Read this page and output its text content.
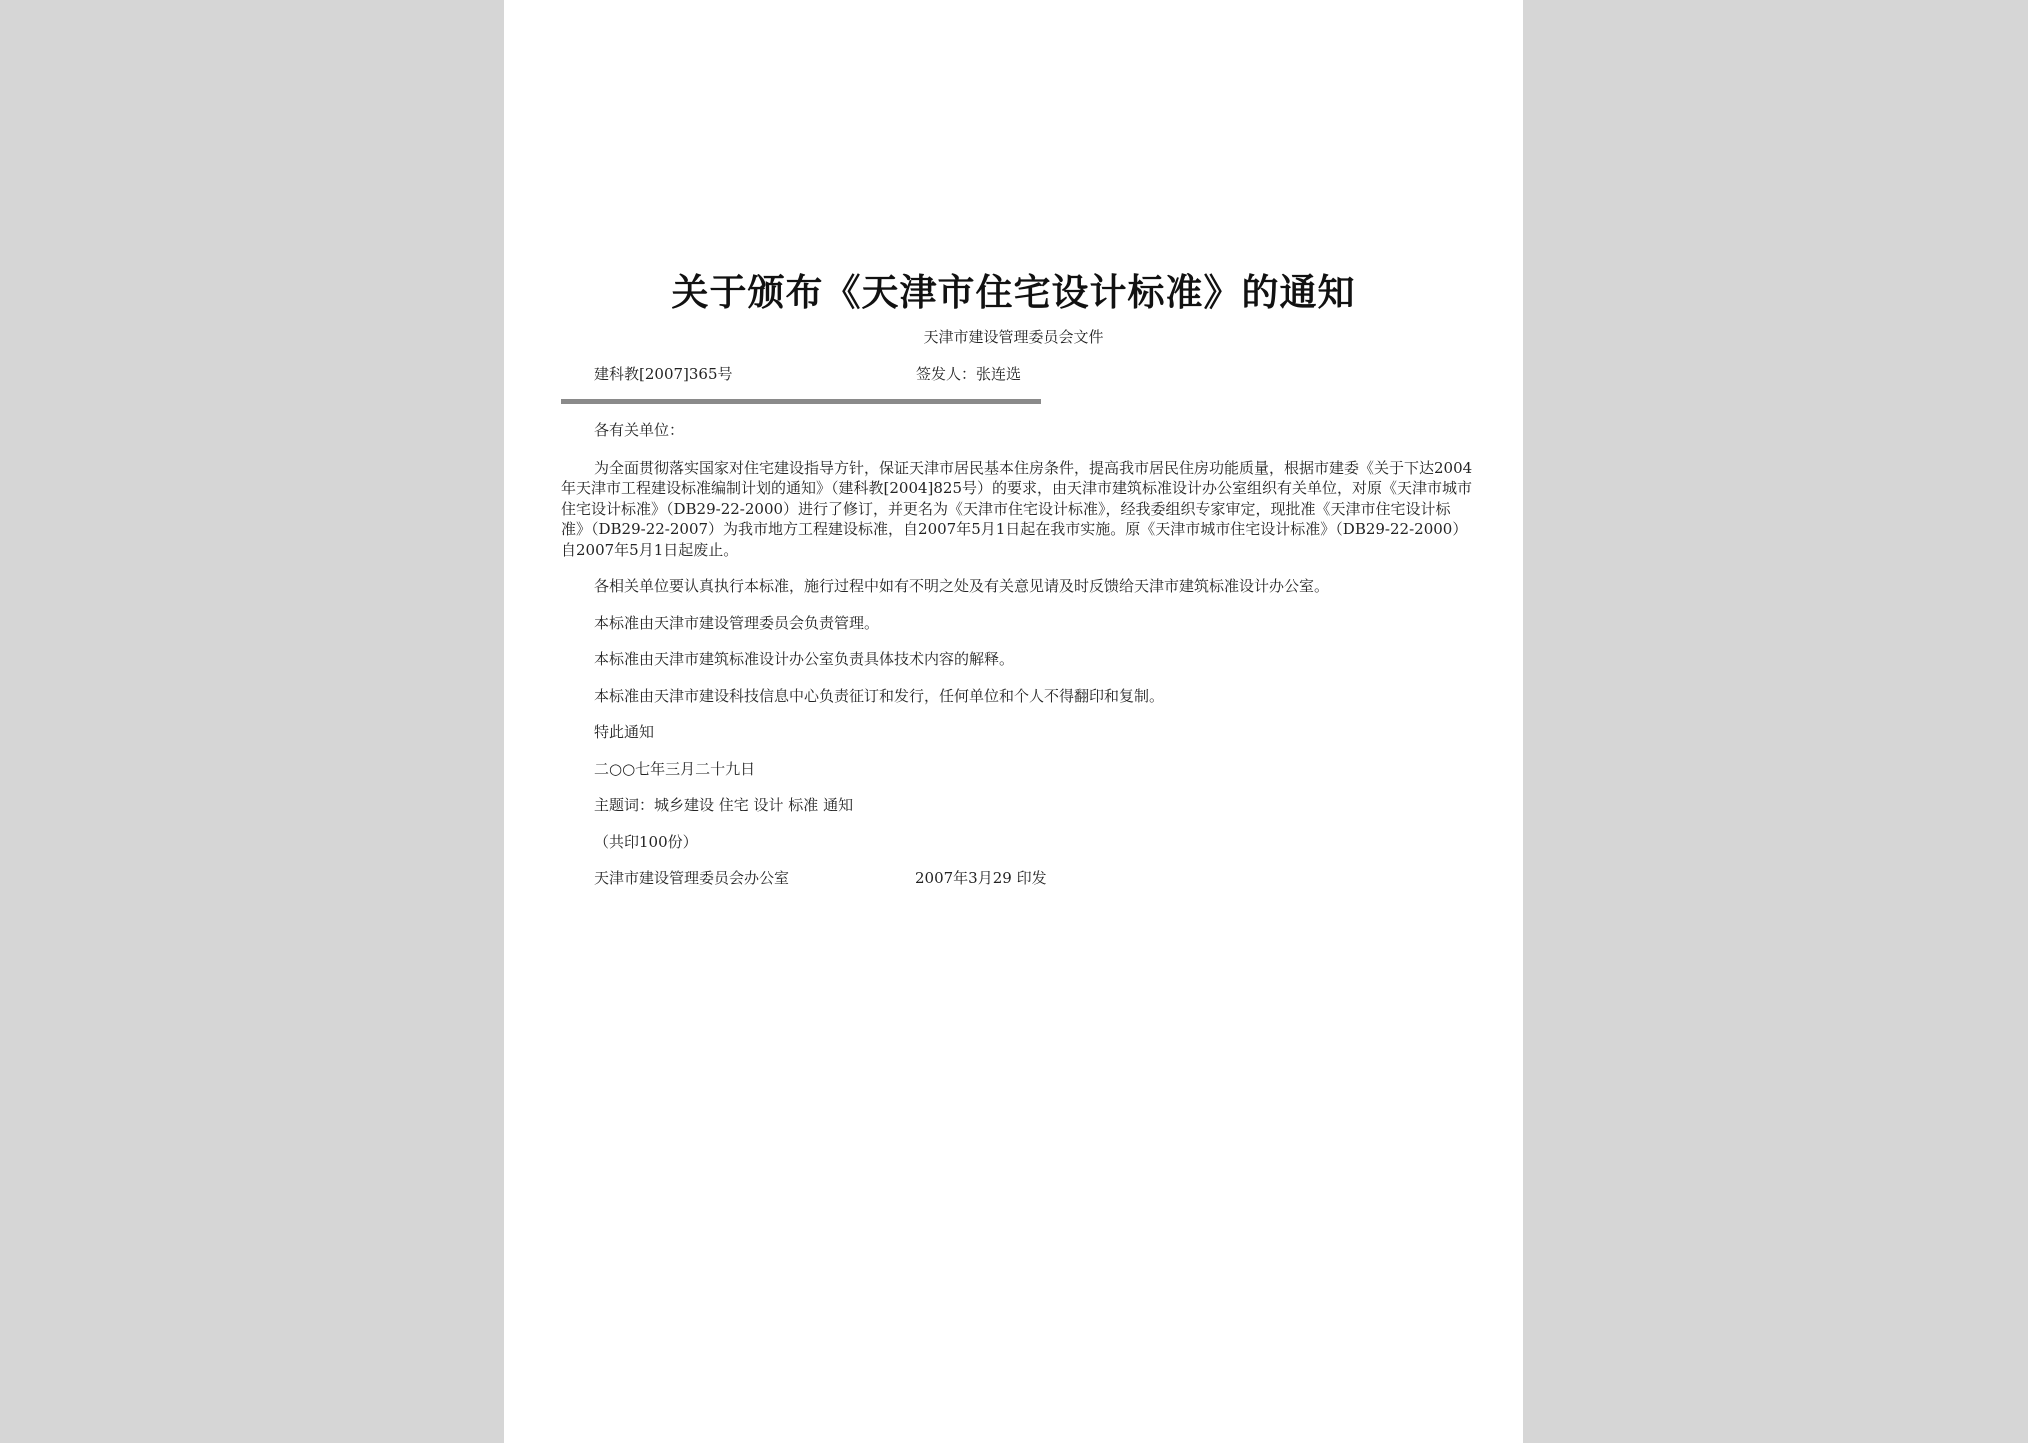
关于颁布《天津市住宅设计标准》的通知
天津市建设管理委员会文件
建科教[2007]365号	签发人：张连选

各有关单位：

为全面贯彻落实国家对住宅建设指导方针，保证天津市居民基本住房条件，提高我市居民住房功能质量，根据市建委《关于下达2004年天津市工程建设标准编制计划的通知》（建科教[2004]825号）的要求，由天津市建筑标准设计办公室组织有关单位，对原《天津市城市住宅设计标准》（DB29-22-2000）进行了修订，并更名为《天津市住宅设计标准》，经我委组织专家审定，现批准《天津市住宅设计标准》（DB29-22-2007）为我市地方工程建设标准，自2007年5月1日起在我市实施。原《天津市城市住宅设计标准》（DB29-22-2000）自2007年5月1日起废止。

各相关单位要认真执行本标准，施行过程中如有不明之处及有关意见请及时反馈给天津市建筑标准设计办公室。

本标准由天津市建设管理委员会负责管理。

本标准由天津市建筑标准设计办公室负责具体技术内容的解释。

本标准由天津市建设科技信息中心负责征订和发行，任何单位和个人不得翻印和复制。

特此通知

二○○七年三月二十九日

主题词：城乡建设 住宅 设计 标准 通知

（共印100份）

天津市建设管理委员会办公室	2007年3月29 印发
